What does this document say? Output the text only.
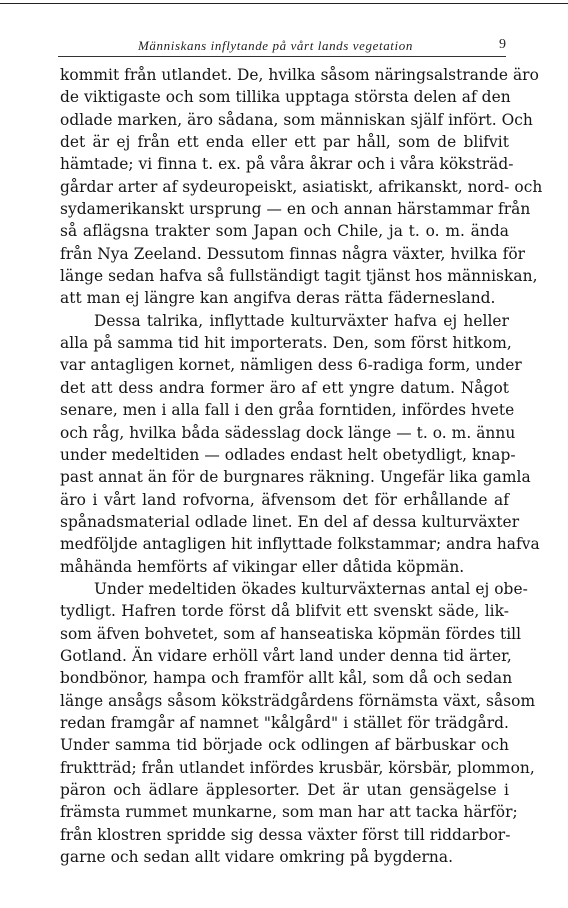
Människans inflytande på vårt lands vegetation	9
kommit från utlandet. De, hvilka såsom näringsalstrande äro
de viktigaste och som tillika upptaga största delen af den
odlade marken, äro sådana, som människan själf infört. Och
det är ej från ett enda eller ett par håll, som de blifvit
hämtade; vi finna t. ex. på våra åkrar och i våra köksträd-
gårdar arter af sydeuropeiskt, asiatiskt, afrikanskt, nord- och
sydamerikanskt ursprung — en och annan härstammar från
så aflägsna trakter som Japan och Chile, ja t. o. m. ända
från Nya Zeeland. Dessutom finnas några växter, hvilka för
länge sedan hafva så fullständigt tagit tjänst hos människan,
att man ej längre kan angifva deras rätta fädernesland.
Dessa talrika, inflyttade kulturväxter hafva ej heller
alla på samma tid hit importerats. Den, som först hitkom,
var antagligen kornet, nämligen dess 6-radiga form, under
det att dess andra former äro af ett yngre datum. Något
senare, men i alla fall i den gråa forntiden, infördes hvete
och råg, hvilka båda sädesslag dock länge — t. o. m. ännu
under medeltiden — odlades endast helt obetydligt, knap-
past annat än för de burgnares räkning. Ungefär lika gamla
äro i vårt land rofvorna, äfvensom det för erhållande af
spånadsmaterial odlade linet. En del af dessa kulturväxter
medföljde antagligen hit inflyttade folkstammar; andra hafva
måhända hemförts af vikingar eller dåtida köpmän.
Under medeltiden ökades kulturväxternas antal ej obe-
tydligt. Hafren torde först då blifvit ett svenskt säde, lik-
som äfven bohvetet, som af hanseatiska köpmän fördes till
Gotland. Än vidare erhöll vårt land under denna tid ärter,
bondbönor, hampa och framför allt kål, som då och sedan
länge ansågs såsom köksträdgårdens förnämsta växt, såsom
redan framgår af namnet "kålgård" i stället för trädgård.
Under samma tid började ock odlingen af bärbuskar och
fruktträd; från utlandet infördes krusbär, körsbär, plommon,
päron och ädlare äpplesorter. Det är utan gensägelse i
främsta rummet munkarne, som man har att tacka härför;
från klostren spridde sig dessa växter först till riddarbor-
garne och sedan allt vidare omkring på bygderna.
